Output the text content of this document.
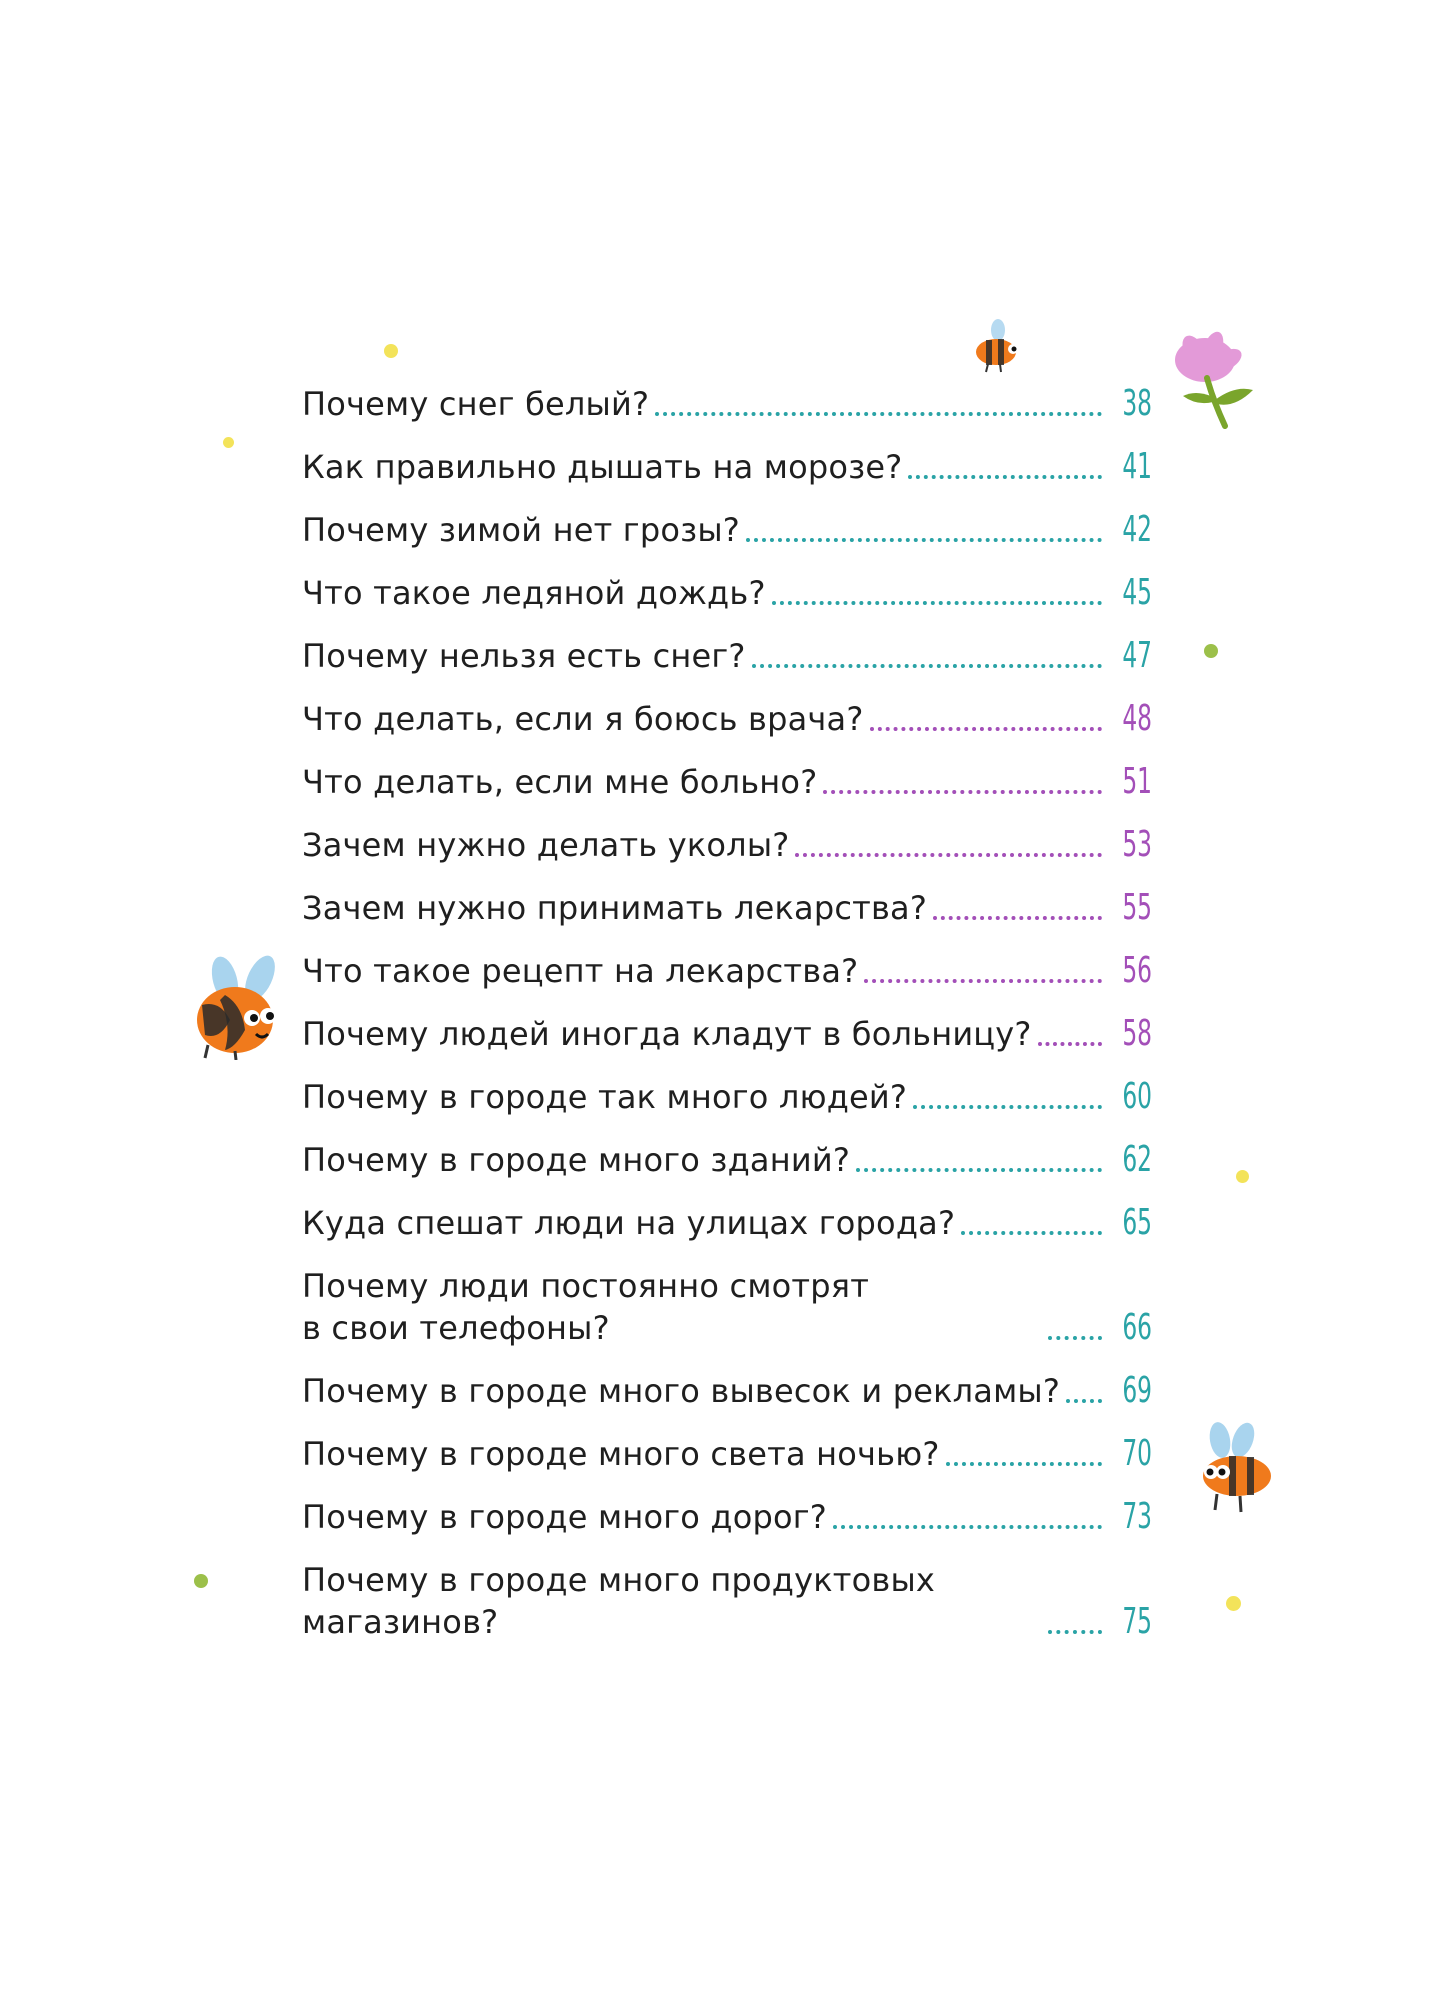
Почему снег белый?	38
Как правильно дышать на морозе?	41
Почему зимой нет грозы?	42
Что такое ледяной дождь?	45
Почему нельзя есть снег?	47
Что делать, если я боюсь врача?	48
Что делать, если мне больно?	51
Зачем нужно делать уколы?	53
Зачем нужно принимать лекарства?	55
Что такое рецепт на лекарства?	56
Почему людей иногда кладут в больницу?	58
Почему в городе так много людей?	60
Почему в городе много зданий?	62
Куда спешат люди на улицах города?	65
Почему люди постоянно смотрят
в свои телефоны?	66
Почему в городе много вывесок и рекламы? 69
Почему в городе много света ночью?	70
Почему в городе много дорог?	73
Почему в городе много продуктовых
магазинов?	75
